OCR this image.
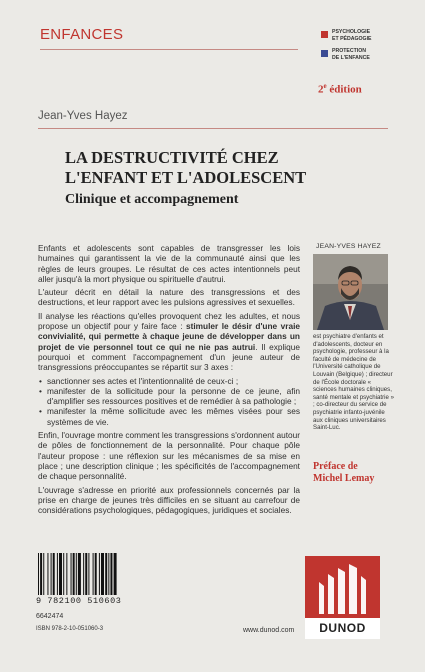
ENFANCES	PSYCHOLOGIE
ET PÉDAGOGIE
PROTECTION
DE L'ENFANCE
2e édition
Jean-Yves Hayez
LA DESTRUCTIVITÉ CHEZ
L'ENFANT ET L'ADOLESCENT
Clinique et accompagnement

Enfants et adolescents sont capables de transgresser les lois humaines qui garantissent la vie de la communauté ainsi que les règles de leurs groupes. Le résultat de ces actes intentionnels peut aller jusqu'à la mort physique ou spirituelle d'autrui.

L'auteur décrit en détail la nature des transgressions et des destructions, et leur rapport avec les pulsions agressives et sexuelles.

Il analyse les réactions qu'elles provoquent chez les adultes, et nous propose un objectif pour y faire face : stimuler le désir d'une vraie convivialité, qui permette à chaque jeune de développer dans un projet de vie personnel tout ce qui ne nie pas autrui. Il explique pourquoi et comment l'accompagnement d'un jeune auteur de transgressions préoccupantes se répartit sur 3 axes :

• sanctionner ses actes et l'intentionnalité de ceux-ci ;
• manifester de la sollicitude pour la personne de ce jeune, afin d'amplifier ses ressources positives et de remédier à sa pathologie ;
• manifester la même sollicitude avec les mêmes visées pour ses systèmes de vie.

Enfin, l'ouvrage montre comment les transgressions s'ordonnent autour de pôles de fonctionnement de la personnalité. Pour chaque pôle l'auteur propose : une réflexion sur les mécanismes de sa mise en place ; une description clinique ; les spécificités de l'accompagnement de chaque personnalité.

L'ouvrage s'adresse en priorité aux professionnels concernés par la prise en charge de jeunes très difficiles en se situant au carrefour de considérations psychologiques, pédagogiques, juridiques et sociales.

JEAN-YVES HAYEZ
est psychiatre d'enfants et d'adolescents, docteur en psychologie, professeur à la faculté de médecine de l'Université catholique de Louvain (Belgique) ; directeur de l'École doctorale « sciences humaines cliniques, santé mentale et psychiatrie » ; co-directeur du service de psychiatrie infanto-juvénile aux cliniques universitaires Saint-Luc.
Préface de
Michel Lemay
9 782100 510603
6642474
ISBN 978-2-10-051060-3	www.dunod.com	DUNOD
